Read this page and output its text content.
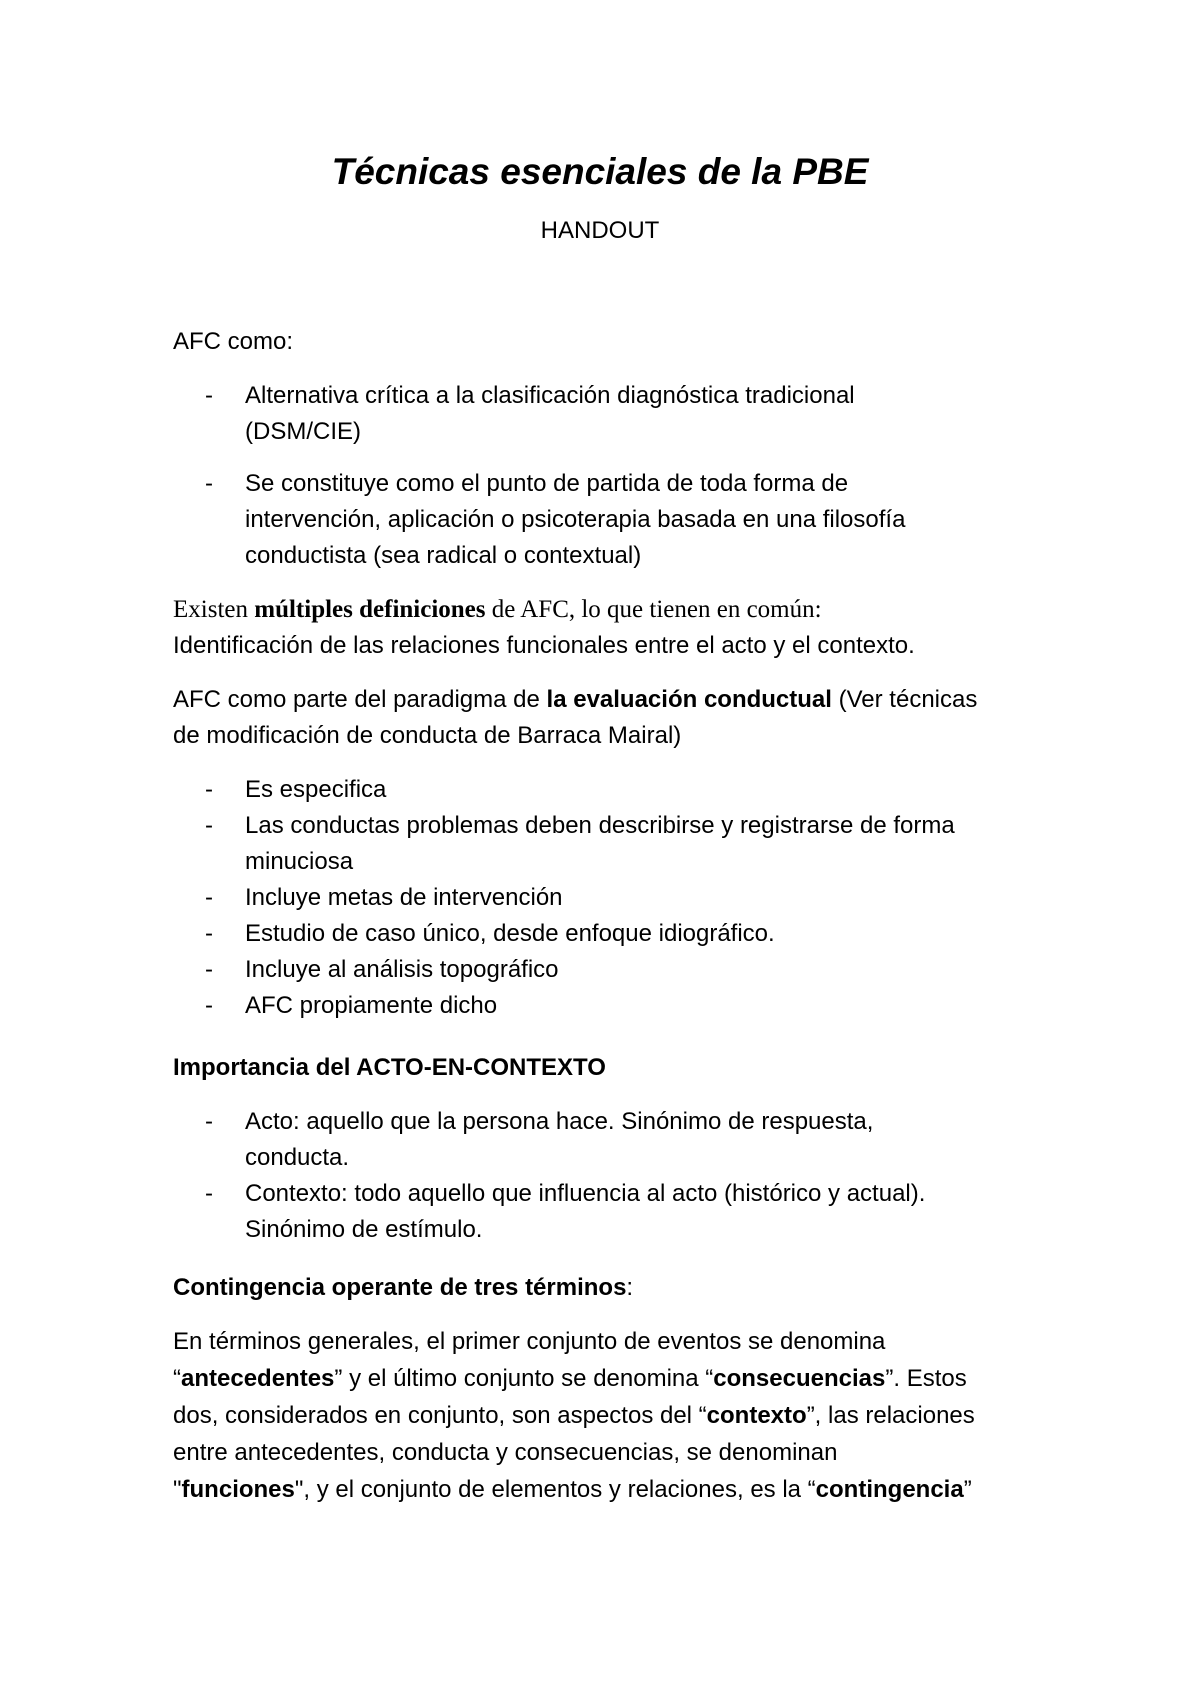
Técnicas esenciales de la PBE
HANDOUT
AFC como:
- Alternativa crítica a la clasificación diagnóstica tradicional
(DSM/CIE)
- Se constituye como el punto de partida de toda forma de
intervención, aplicación o psicoterapia basada en una filosofía
conductista (sea radical o contextual)
Existen múltiples definiciones de AFC, lo que tienen en común:
Identificación de las relaciones funcionales entre el acto y el contexto.
AFC como parte del paradigma de la evaluación conductual (Ver técnicas
de modificación de conducta de Barraca Mairal)
- Es especifica
- Las conductas problemas deben describirse y registrarse de forma
minuciosa
- Incluye metas de intervención
- Estudio de caso único, desde enfoque idiográfico.
- Incluye al análisis topográfico
- AFC propiamente dicho
Importancia del ACTO-EN-CONTEXTO
- Acto: aquello que la persona hace. Sinónimo de respuesta,
conducta.
- Contexto: todo aquello que influencia al acto (histórico y actual).
Sinónimo de estímulo.
Contingencia operante de tres términos:
En términos generales, el primer conjunto de eventos se denomina
“antecedentes” y el último conjunto se denomina “consecuencias”. Estos
dos, considerados en conjunto, son aspectos del “contexto”, las relaciones
entre antecedentes, conducta y consecuencias, se denominan
"funciones", y el conjunto de elementos y relaciones, es la “contingencia”
